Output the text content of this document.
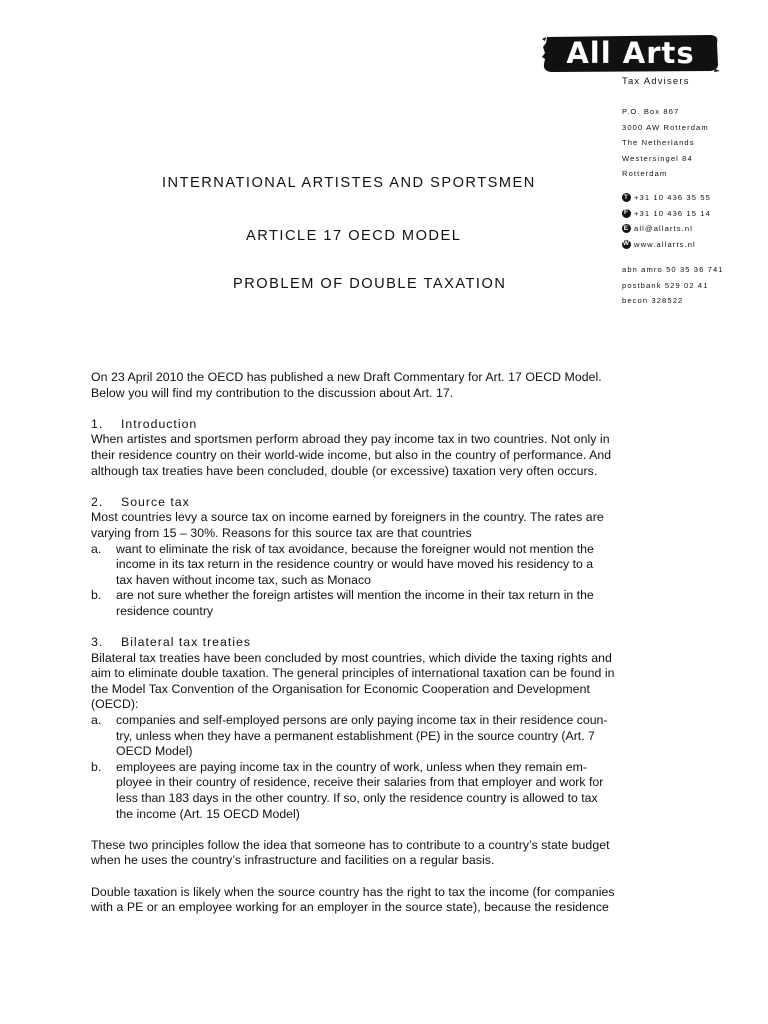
All Arts
Tax Advisers
P.O. Box 867
3000 AW Rotterdam
The Netherlands
Westersingel 84
Rotterdam
T +31 10 436 35 55
F +31 10 436 15 14
E all@allarts.nl
W www.allarts.nl
abn amro 50 35 36 741
postbank 529 02 41
becon 328522
INTERNATIONAL ARTISTES AND SPORTSMEN
ARTICLE 17 OECD MODEL
PROBLEM OF DOUBLE TAXATION
On 23 April 2010 the OECD has published a new Draft Commentary for Art. 17 OECD Model.
Below you will find my contribution to the discussion about Art. 17.
1. Introduction
When artistes and sportsmen perform abroad they pay income tax in two countries. Not only in
their residence country on their world-wide income, but also in the country of performance. And
although tax treaties have been concluded, double (or excessive) taxation very often occurs.
2. Source tax
Most countries levy a source tax on income earned by foreigners in the country. The rates are
varying from 15 – 30%. Reasons for this source tax are that countries
a.	want to eliminate the risk of tax avoidance, because the foreigner would not mention the
income in its tax return in the residence country or would have moved his residency to a
tax haven without income tax, such as Monaco
b.	are not sure whether the foreign artistes will mention the income in their tax return in the
residence country
3. Bilateral tax treaties
Bilateral tax treaties have been concluded by most countries, which divide the taxing rights and
aim to eliminate double taxation. The general principles of international taxation can be found in
the Model Tax Convention of the Organisation for Economic Cooperation and Development
(OECD):
a.	companies and self-employed persons are only paying income tax in their residence coun-
try, unless when they have a permanent establishment (PE) in the source country (Art. 7
OECD Model)
b.	employees are paying income tax in the country of work, unless when they remain em-
ployee in their country of residence, receive their salaries from that employer and work for
less than 183 days in the other country. If so, only the residence country is allowed to tax
the income (Art. 15 OECD Model)
These two principles follow the idea that someone has to contribute to a country’s state budget
when he uses the country’s infrastructure and facilities on a regular basis.
Double taxation is likely when the source country has the right to tax the income (for companies
with a PE or an employee working for an employer in the source state), because the residence
